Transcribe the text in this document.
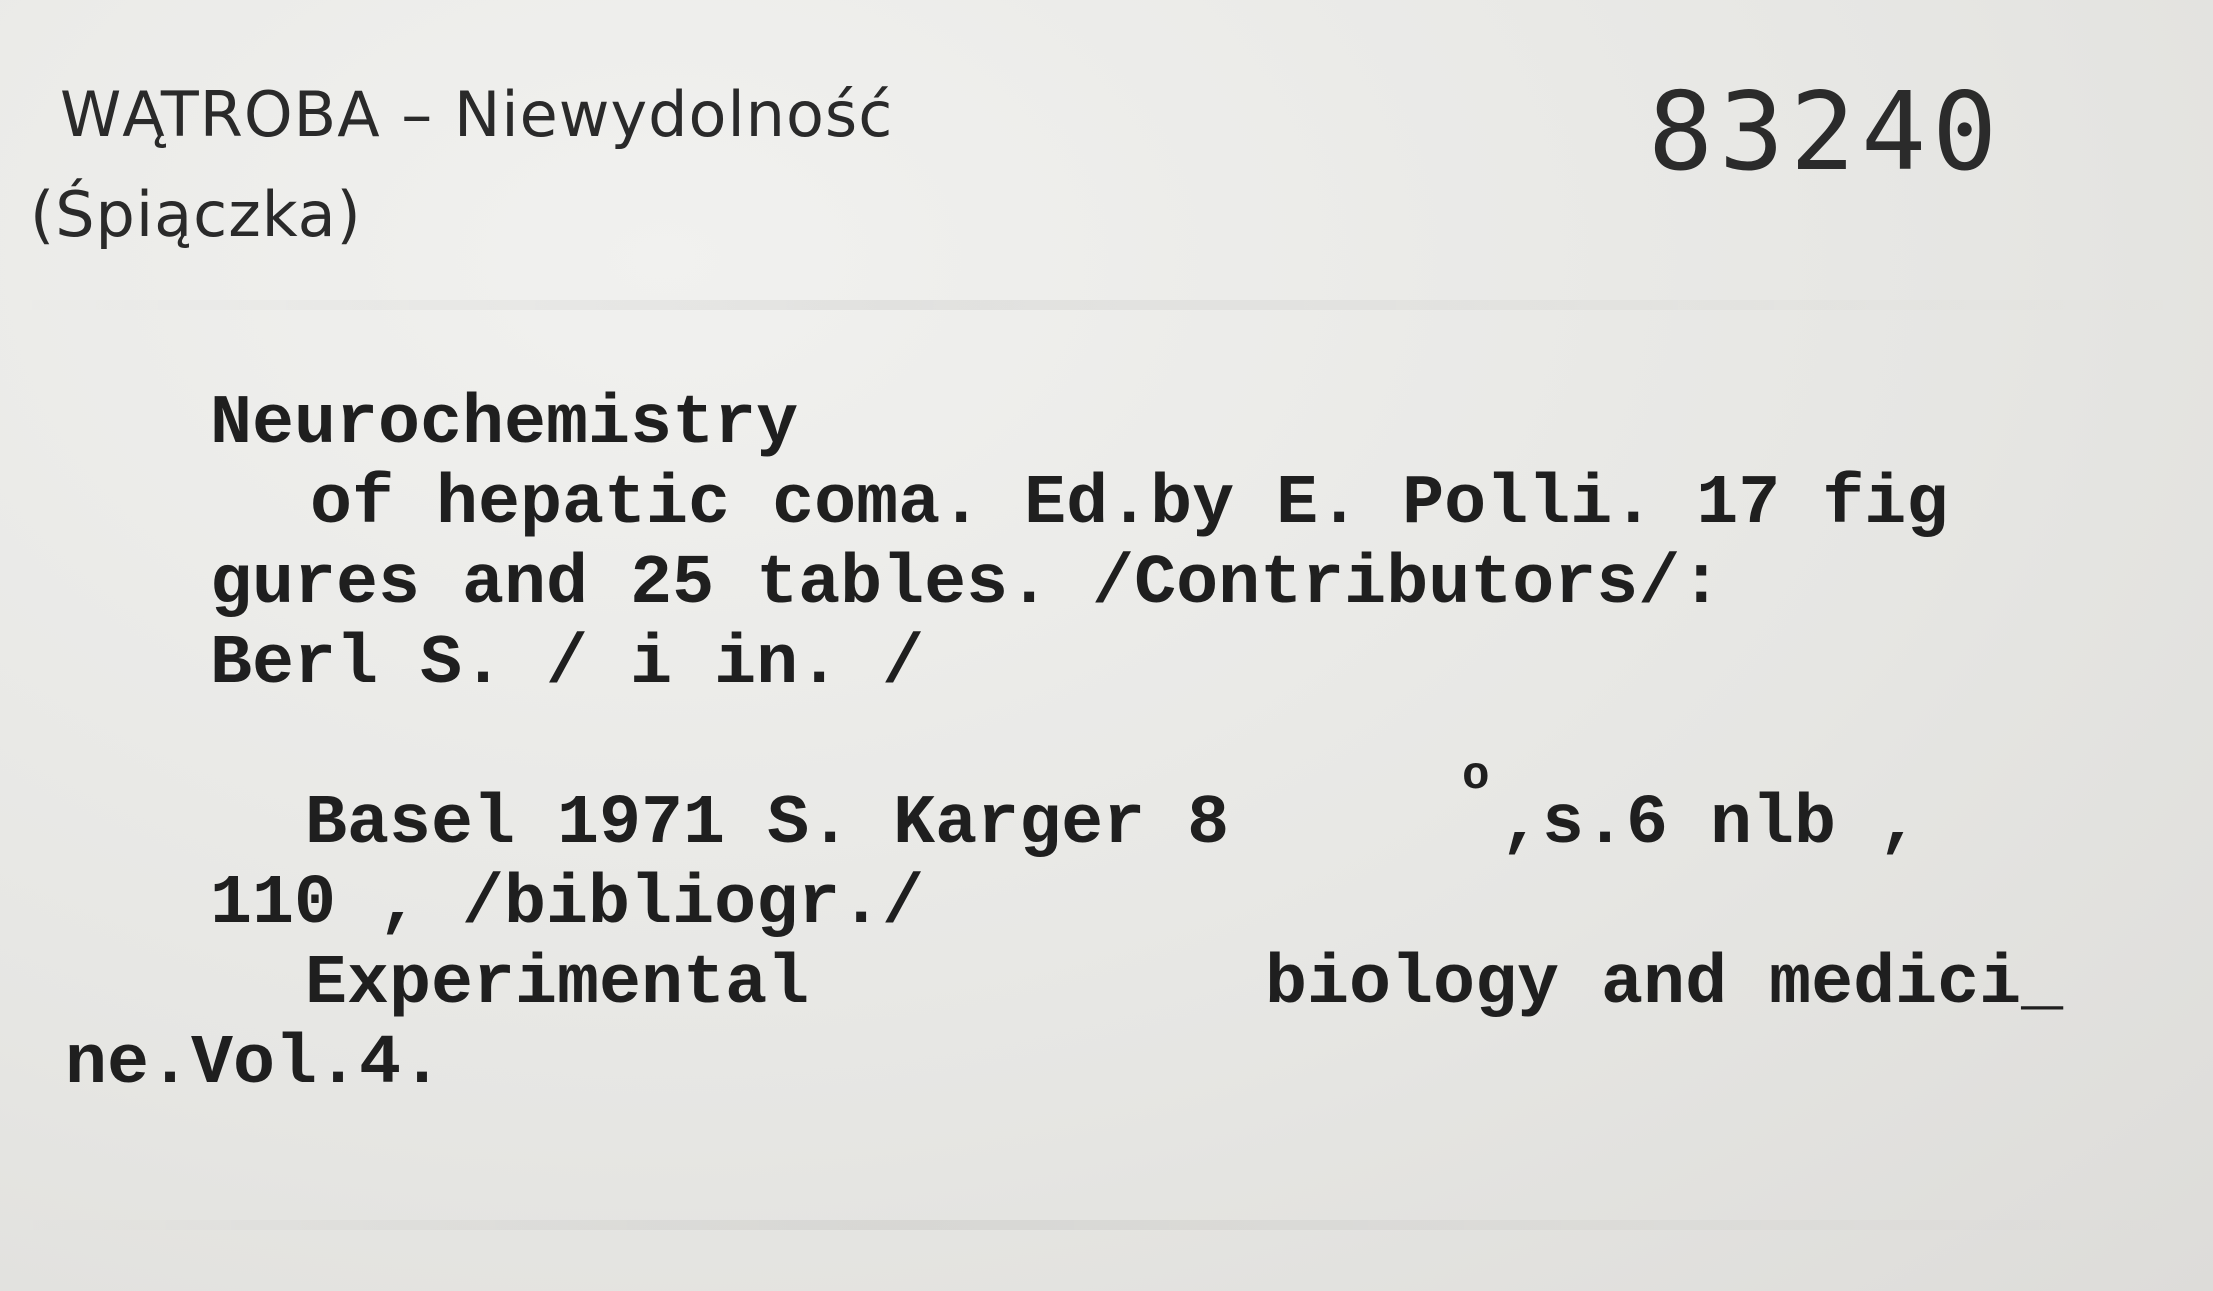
WĄTROBA – Niewydolność
(Śpiączka)
83240
Neurochemistry
of hepatic coma. Ed.by E. Polli. 17 fig
gures and 25 tables. /Contributors/:
Berl S. / i in. /
Basel 1971 S. Karger 8
o
,s.6 nlb ,
110 , /bibliogr./
Experimental	biology and medici_
ne.Vol.4.
